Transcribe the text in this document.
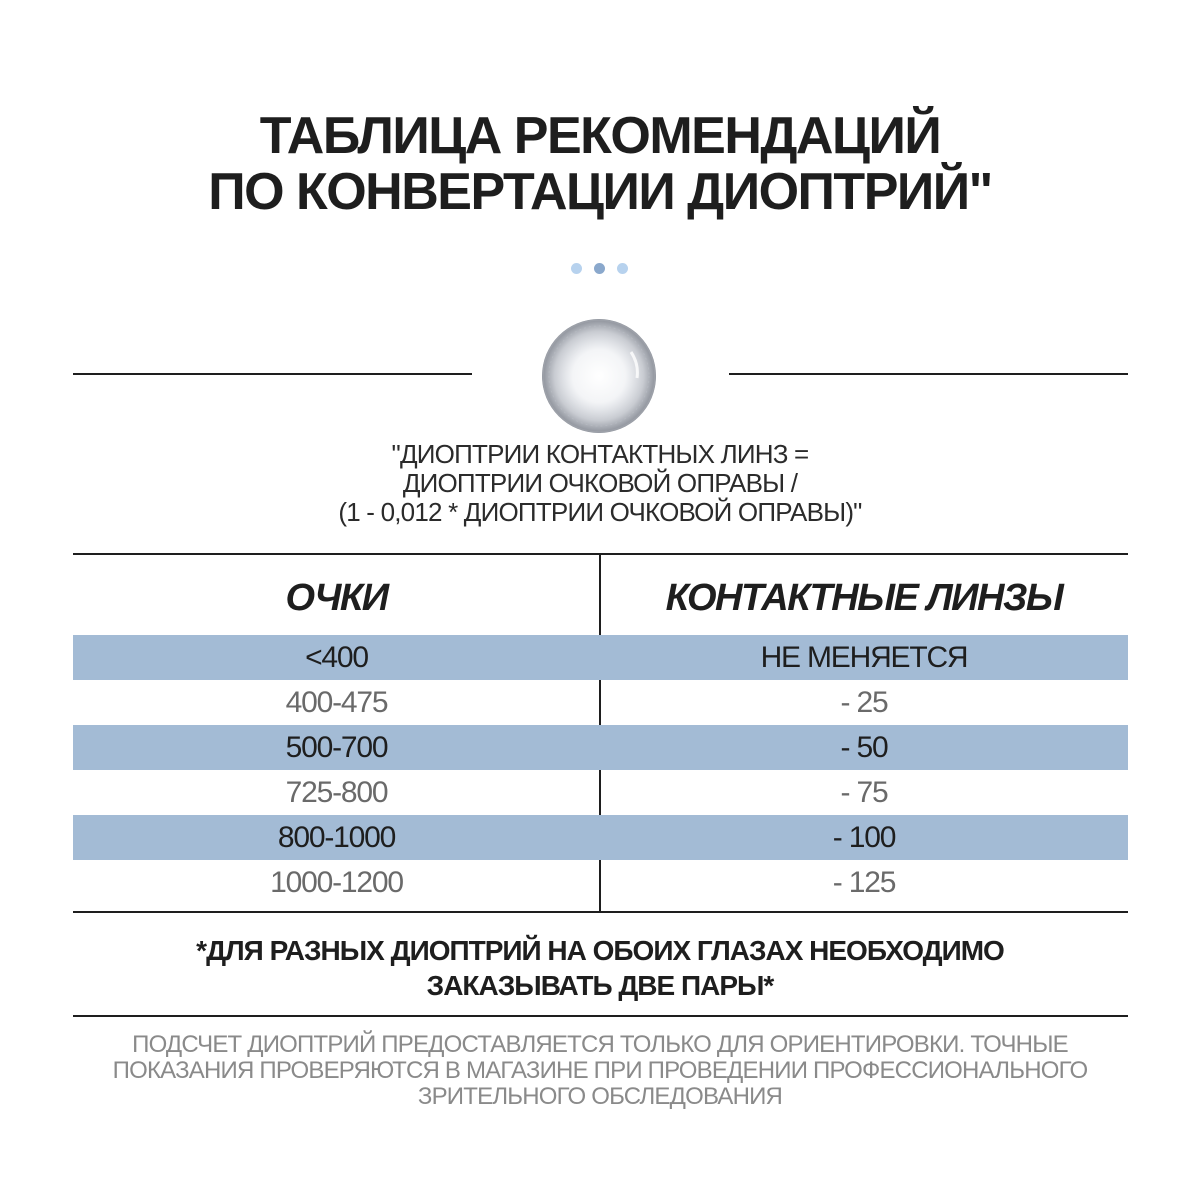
ТАБЛИЦА РЕКОМЕНДАЦИЙ
ПО КОНВЕРТАЦИИ ДИОПТРИЙ"
"ДИОПТРИИ КОНТАКТНЫХ ЛИНЗ =
ДИОПТРИИ ОЧКОВОЙ ОПРАВЫ /
(1 - 0,012 * ДИОПТРИИ ОЧКОВОЙ ОПРАВЫ)"
ОЧКИ	КОНТАКТНЫЕ ЛИНЗЫ
<400	НЕ МЕНЯЕТСЯ
400-475	- 25
500-700	- 50
725-800	- 75
800-1000	- 100
1000-1200	- 125
*ДЛЯ РАЗНЫХ ДИОПТРИЙ НА ОБОИХ ГЛАЗАХ НЕОБХОДИМО
ЗАКАЗЫВАТЬ ДВЕ ПАРЫ*
ПОДСЧЕТ ДИОПТРИЙ ПРЕДОСТАВЛЯЕТСЯ ТОЛЬКО ДЛЯ ОРИЕНТИРОВКИ. ТОЧНЫЕ
ПОКАЗАНИЯ ПРОВЕРЯЮТСЯ В МАГАЗИНЕ ПРИ ПРОВЕДЕНИИ ПРОФЕССИОНАЛЬНОГО
ЗРИТЕЛЬНОГО ОБСЛЕДОВАНИЯ
